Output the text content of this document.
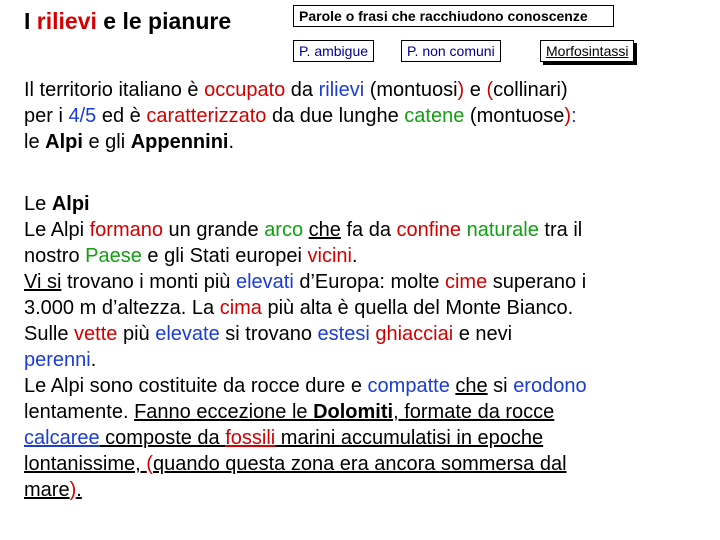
I rilievi e le pianure	Parole o frasi che racchiudono conoscenze
P. ambigue	P. non comuni	Morfosintassi
Il territorio italiano è occupato da rilievi (montuosi) e (collinari)
per i 4/5 ed è caratterizzato da due lunghe catene (montuose):
le Alpi e gli Appennini.
Le Alpi
Le Alpi formano un grande arco che fa da confine naturale tra il
nostro Paese e gli Stati europei vicini.
Vi si trovano i monti più elevati d’Europa: molte cime superano i
3.000 m d’altezza. La cima più alta è quella del Monte Bianco.
Sulle vette più elevate si trovano estesi ghiacciai e nevi
perenni.
Le Alpi sono costituite da rocce dure e compatte che si erodono
lentamente. Fanno eccezione le Dolomiti, formate da rocce
calcaree composte da fossili marini accumulatisi in epoche
lontanissime, (quando questa zona era ancora sommersa dal
mare).
